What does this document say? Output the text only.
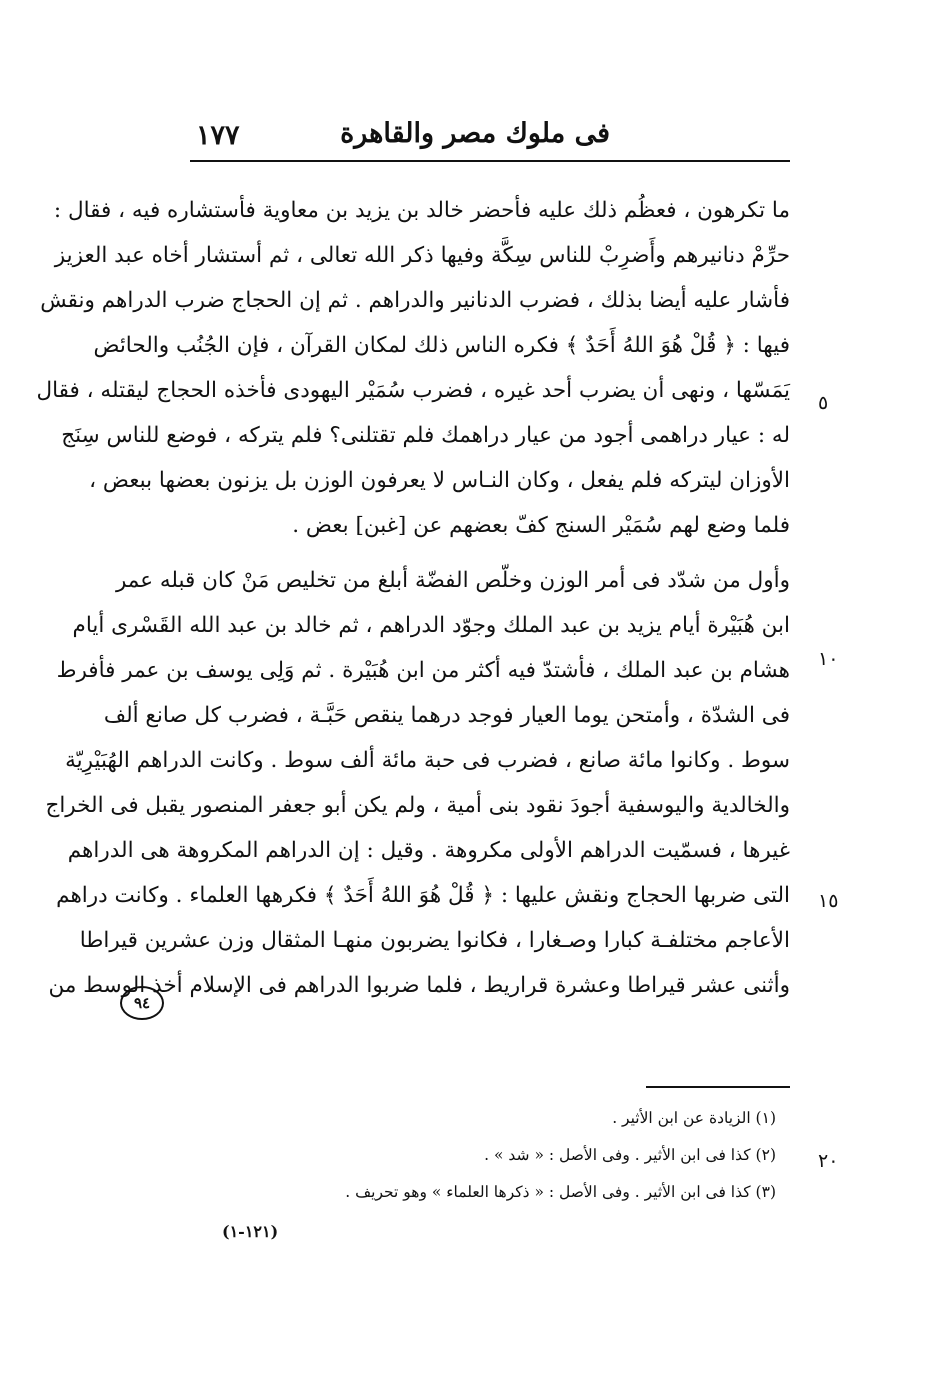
فى ملوك مصر والقاهرة
١٧٧
ما تكرهون ، فعظُم ذلك عليه فأحضر خالد بن يزيد بن معاوية فأستشاره فيه ، فقال :
حرِّمْ دنانيرهم وأَضرِبْ للناس سِكَّة وفيها ذكر الله تعالى ، ثم أستشار أخاه عبد العزيز
فأشار عليه أيضا بذلك ، فضرب الدنانير والدراهم . ثم إن الحجاج ضرب الدراهم ونقش
فيها : ﴿ قُلْ هُوَ اللهُ أَحَدٌ ﴾ فكره الناس ذلك لمكان القرآن ، فإن الجُنُب والحائض
يَمَسّها ، ونهى أن يضرب أحد غيره ، فضرب سُمَيْر اليهودى فأخذه الحجاج ليقتله ، فقال
له : عيار دراهمى أجود من عيار دراهمك فلم تقتلنى؟ فلم يتركه ، فوضع للناس سِنَج
الأوزان ليتركه فلم يفعل ، وكان النـاس لا يعرفون الوزن بل يزنون بعضها ببعض ،
فلما وضع لهم سُمَيْر السنج كفّ بعضهم عن [غبن] بعض .
وأول من شدّد فى أمر الوزن وخلّص الفضّة أبلغ من تخليص مَنْ كان قبله عمر
ابن هُبَيْرة أيام يزيد بن عبد الملك وجوّد الدراهم ، ثم خالد بن عبد الله القَسْرى أيام
هشام بن عبد الملك ، فأشتدّ فيه أكثر من ابن هُبَيْرة . ثم وَلِى يوسف بن عمر فأفرط
فى الشدّة ، وأمتحن يوما العيار فوجد درهما ينقص حَبَّـة ، فضرب كل صانع ألف
سوط . وكانوا مائة صانع ، فضرب فى حبة مائة ألف سوط . وكانت الدراهم الهُبَيْرِيّة
والخالدية واليوسفية أجودَ نقود بنى أمية ، ولم يكن أبو جعفر المنصور يقبل فى الخراج
غيرها ، فسمّيت الدراهم الأولى مكروهة . وقيل : إن الدراهم المكروهة هى الدراهم
التى ضربها الحجاج ونقش عليها : ﴿ قُلْ هُوَ اللهُ أَحَدٌ ﴾ فكرهها العلماء . وكانت دراهم
الأعاجم مختلفـة كبارا وصـغارا ، فكانوا يضربون منهـا المثقال وزن عشرين قيراطا
وأثنى عشر قيراطا وعشرة قراريط ، فلما ضربوا الدراهم فى الإسلام أخذ الوسط من
٥
١٠
١٥
٢٠
٩٤
(١) الزيادة عن ابن الأثير .
(٢) كذا فى ابن الأثير . وفى الأصل : « شد » .
(٣) كذا فى ابن الأثير . وفى الأصل : « ذكرها العلماء » وهو تحريف .
(١٢١-١)
